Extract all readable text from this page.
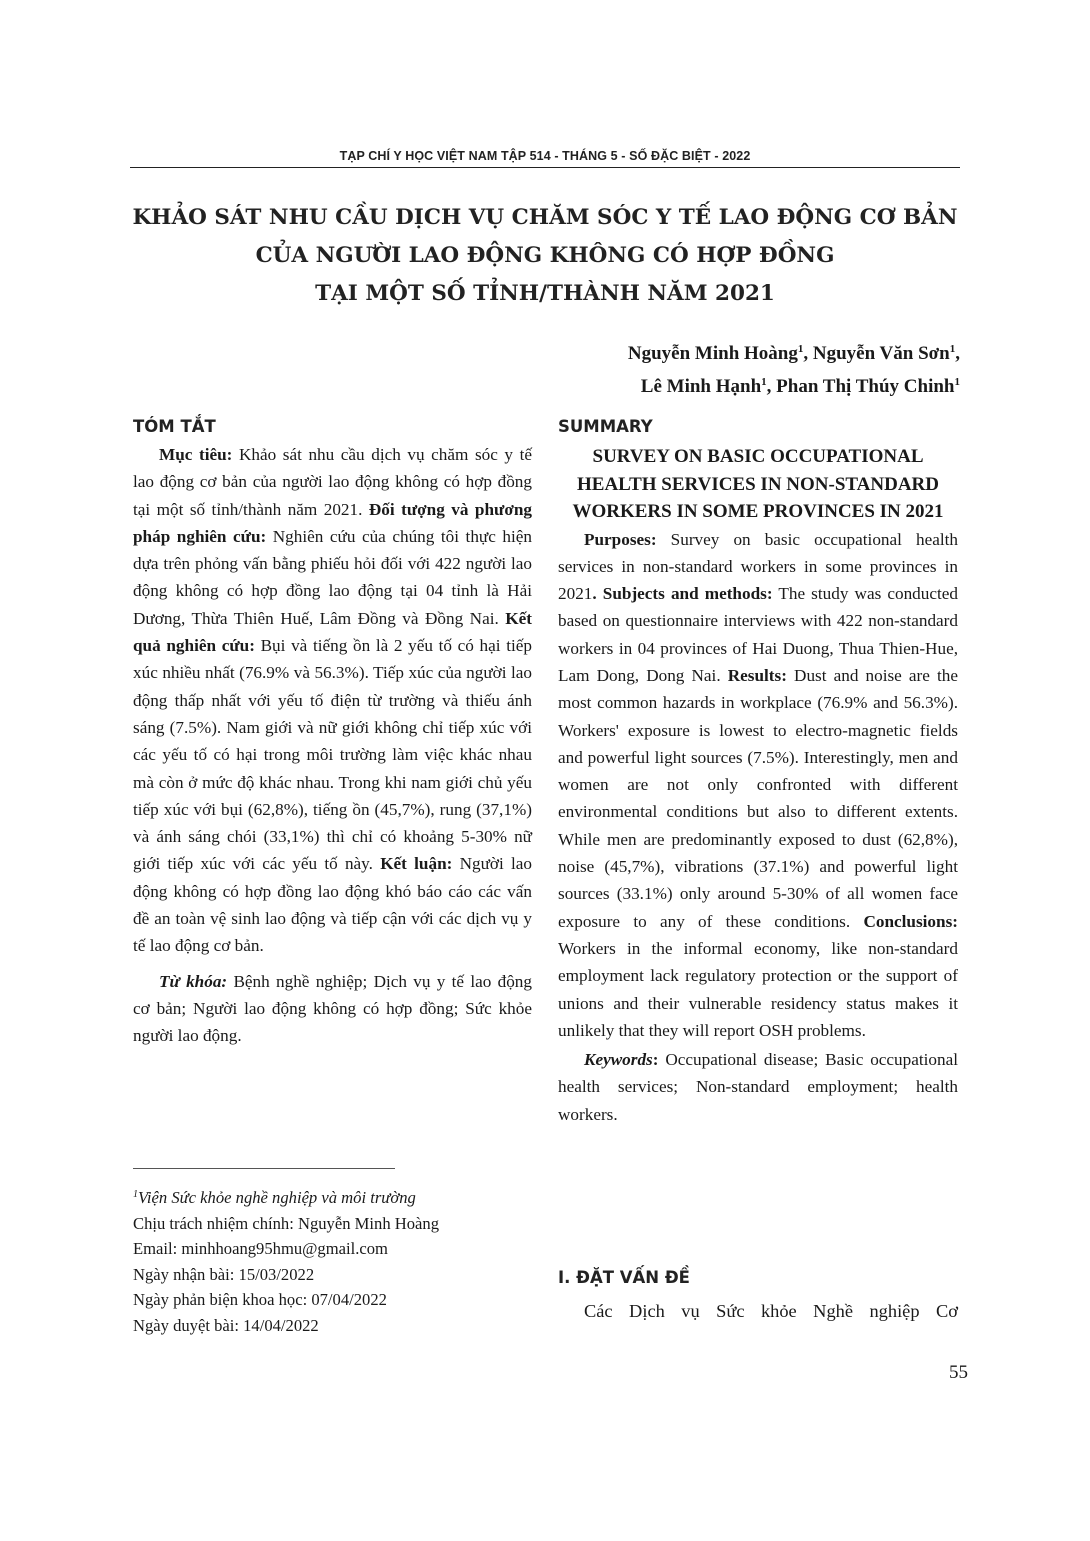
TẠP CHÍ Y HỌC VIỆT NAM TẬP 514 - THÁNG 5 - SỐ ĐẶC BIỆT - 2022
KHẢO SÁT NHU CẦU DỊCH VỤ CHĂM SÓC Y TẾ LAO ĐỘNG CƠ BẢN
CỦA NGƯỜI LAO ĐỘNG KHÔNG CÓ HỢP ĐỒNG
TẠI MỘT SỐ TỈNH/THÀNH NĂM 2021
Nguyễn Minh Hoàng$^1$, Nguyễn Văn Sơn$^1$,
Lê Minh Hạnh$^1$, Phan Thị Thúy Chinh$^1$
TÓM TẮT

Mục tiêu: Khảo sát nhu cầu dịch vụ chăm sóc y tế lao động cơ bản của người lao động không có hợp đồng tại một số tỉnh/thành năm 2021. Đối tượng và phương pháp nghiên cứu: Nghiên cứu của chúng tôi thực hiện dựa trên phỏng vấn bằng phiếu hỏi đối với 422 người lao động không có hợp đồng lao động tại 04 tỉnh là Hải Dương, Thừa Thiên Huế, Lâm Đồng và Đồng Nai. Kết quả nghiên cứu: Bụi và tiếng ồn là 2 yếu tố có hại tiếp xúc nhiều nhất (76.9% và 56.3%). Tiếp xúc của người lao động thấp nhất với yếu tố điện từ trường và thiếu ánh sáng (7.5%). Nam giới và nữ giới không chỉ tiếp xúc với các yếu tố có hại trong môi trường làm việc khác nhau mà còn ở mức độ khác nhau. Trong khi nam giới chủ yếu tiếp xúc với bụi (62,8%), tiếng ồn (45,7%), rung (37,1%) và ánh sáng chói (33,1%) thì chỉ có khoảng 5-30% nữ giới tiếp xúc với các yếu tố này. Kết luận: Người lao động không có hợp đồng lao động khó báo cáo các vấn đề an toàn vệ sinh lao động và tiếp cận với các dịch vụ y tế lao động cơ bản.

Từ khóa: Bệnh nghề nghiệp; Dịch vụ y tế lao động cơ bản; Người lao động không có hợp đồng; Sức khỏe người lao động.

$^1$Viện Sức khỏe nghề nghiệp và môi trường
Chịu trách nhiệm chính: Nguyễn Minh Hoàng
Email: minhhoang95hmu@gmail.com
Ngày nhận bài: 15/03/2022
Ngày phản biện khoa học: 07/04/2022
Ngày duyệt bài: 14/04/2022
SUMMARY
SURVEY ON BASIC OCCUPATIONAL HEALTH SERVICES IN NON-STANDARD WORKERS IN SOME PROVINCES IN 2021

Purposes: Survey on basic occupational health services in non-standard workers in some provinces in 2021. Subjects and methods: The study was conducted based on questionnaire interviews with 422 non-standard workers in 04 provinces of Hai Duong, Thua Thien-Hue, Lam Dong, Dong Nai. Results: Dust and noise are the most common hazards in workplace (76.9% and 56.3%). Workers' exposure is lowest to electro-magnetic fields and powerful light sources (7.5%). Interestingly, men and women are not only confronted with different environmental conditions but also to different extents. While men are predominantly exposed to dust (62,8%), noise (45,7%), vibrations (37.1%) and powerful light sources (33.1%) only around 5-30% of all women face exposure to any of these conditions. Conclusions: Workers in the informal economy, like non-standard employment lack regulatory protection or the support of unions and their vulnerable residency status makes it unlikely that they will report OSH problems.

Keywords: Occupational disease; Basic occupational health services; Non-standard employment; health workers.

I. ĐẶT VẤN ĐỀ
Các Dịch vụ Sức khỏe Nghề nghiệp Cơ
55
